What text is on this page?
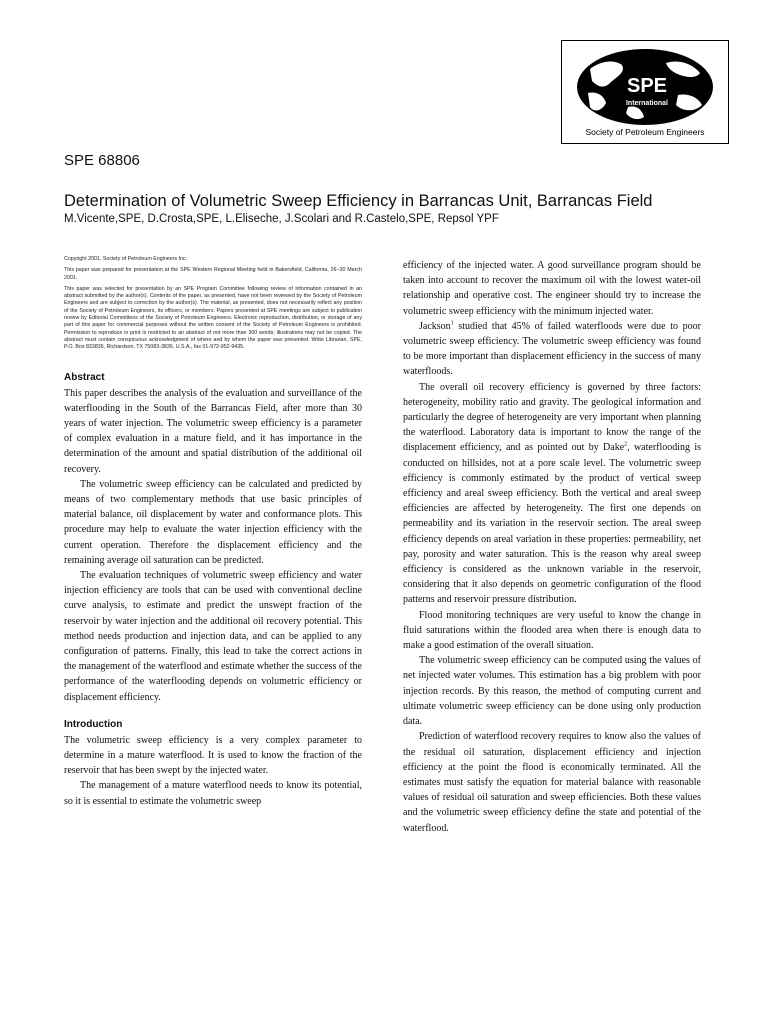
SPE
International
Society of Petroleum Engineers
SPE 68806
Determination of Volumetric Sweep Efficiency in Barrancas Unit, Barrancas Field
M.Vicente,SPE, D.Crosta,SPE, L.Eliseche, J.Scolari and R.Castelo,SPE, Repsol YPF

Copyright 2001, Society of Petroleum Engineers Inc.

This paper was prepared for presentation at the SPE Western Regional Meeting held in Bakersfield, California, 26−30 March 2001.

This paper was selected for presentation by an SPE Program Committee following review of information contained in an abstract submitted by the author(s). Contents of the paper, as presented, have not been reviewed by the Society of Petroleum Engineers and are subject to correction by the author(s). The material, as presented, does not necessarily reflect any position of the Society of Petroleum Engineers, its officers, or members. Papers presented at SPE meetings are subject to publication review by Editorial Committees of the Society of Petroleum Engineers. Electronic reproduction, distribution, or storage of any part of this paper for commercial purposes without the written consent of the Society of Petroleum Engineers is prohibited. Permission to reproduce in print is restricted to an abstract of not more than 300 words; illustrations may not be copied. The abstract must contain conspicuous acknowledgment of where and by whom the paper was presented. Write Librarian, SPE, P.O. Box 833836, Richardson, TX 75083-3836, U.S.A., fax 01-972-952-9435.

Abstract

This paper describes the analysis of the evaluation and surveillance of the waterflooding in the South of the Barrancas Field, after more than 30 years of water injection. The volumetric sweep efficiency is a parameter of complex evaluation in a mature field, and it has importance in the determination of the amount and spatial distribution of the additional oil recovery.

The volumetric sweep efficiency can be calculated and predicted by means of two complementary methods that use basic principles of material balance, oil displacement by water and conformance plots. This procedure may help to evaluate the water injection efficiency with the current operation. Therefore the displacement efficiency and the remaining average oil saturation can be predicted.

The evaluation techniques of volumetric sweep efficiency and water injection efficiency are tools that can be used with conventional decline curve analysis, to estimate and predict the unswept fraction of the reservoir by water injection and the additional oil recovery potential. This method needs production and injection data, and can be applied to any configuration of patterns. Finally, this lead to take the correct actions in the management of the waterflood and estimate whether the success of the performance of the waterflooding depends on volumetric efficiency or displacement efficiency.

Introduction

The volumetric sweep efficiency is a very complex parameter to determine in a mature waterflood. It is used to know the fraction of the reservoir that has been swept by the injected water.

The management of a mature waterflood needs to know its potential, so it is essential to estimate the volumetric sweep

efficiency of the injected water. A good surveillance program should be taken into account to recover the maximum oil with the lowest water-oil relationship and operative cost. The engineer should try to increase the volumetric sweep efficiency with the minimum injected water.

Jackson$^1$ studied that 45% of failed waterfloods were due to poor volumetric sweep efficiency. The volumetric sweep efficiency was found to be more important than displacement efficiency in the success of many waterfloods.

The overall oil recovery efficiency is governed by three factors: heterogeneity, mobility ratio and gravity. The geological information and particularly the degree of heterogeneity are very important when planning the waterflood. Laboratory data is important to know the range of the displacement efficiency, and as pointed out by Dake$^2$, waterflooding is conducted on hillsides, not at a pore scale level. The volumetric sweep efficiency is commonly estimated by the product of vertical sweep efficiency and areal sweep efficiency. Both the vertical and areal sweep efficiencies are affected by heterogeneity. The first one depends on permeability and its variation in the reservoir section. The areal sweep efficiency depends on areal variation in these properties: permeability, net pay, porosity and water saturation. This is the reason why areal sweep efficiency is considered as the unknown variable in the reservoir, considering that it also depends on geometric configuration of the flood patterns and reservoir pressure distribution.

Flood monitoring techniques are very useful to know the change in fluid saturations within the flooded area when there is enough data to make a good estimation of the overall situation.

The volumetric sweep efficiency can be computed using the values of net injected water volumes. This estimation has a big problem with poor injection records. By this reason, the method of computing current and ultimate volumetric sweep efficiency can be done using only production data.

Prediction of waterflood recovery requires to know also the values of the residual oil saturation, displacement efficiency and injection efficiency at the point the flood is economically terminated. All the estimates must satisfy the equation for material balance with reasonable values of residual oil saturation and sweep efficiencies. Both these values and the volumetric sweep efficiency define the state and potential of the waterflood.
